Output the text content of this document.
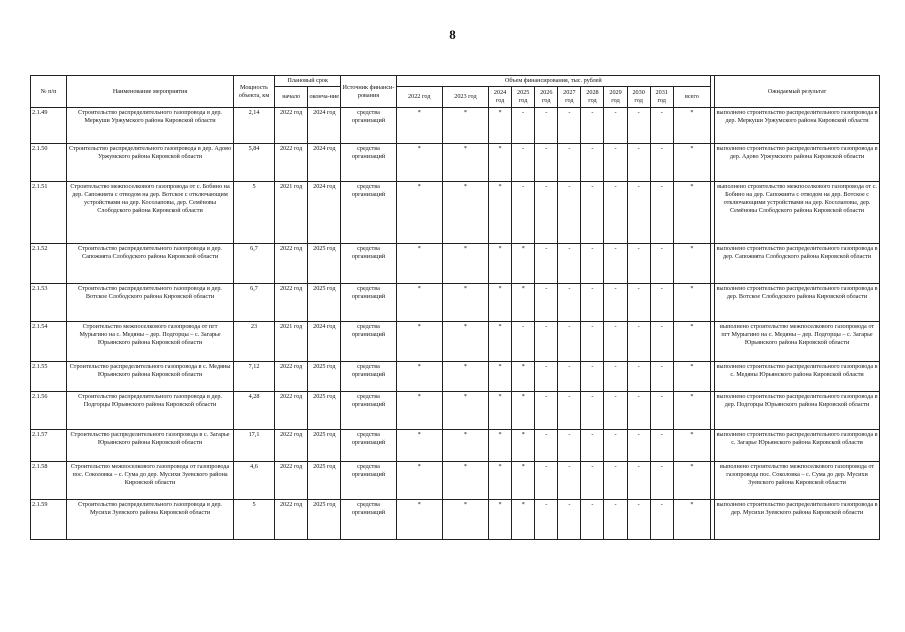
8
№ п/п	Наименование мероприятия	Мощность объекта, км	Плановый срок		Источник финанси-рования	Объем финансирования, тыс. рублей												Ожидаемый результат
			начало	оконча-ние		2022 год	2023 год	2024 год	2025 год	2026 год	2027 год	2028 год	2029 год	2030 год	2031 год	всего		
2.1.49	Строительство распределительного газопровода в дер. Меркуши Уржумского района Кировской области	2,14	2022 год	2024 год	средства организаций	*	*	*	-	-	-	-	-	-	-	*		выполнено строительство распределительного газопровода в дер. Меркуши Уржумского района Кировской области
2.1.50	Строительство распределительного газопровода в дер. Адово Уржумского района Кировской области	5,84	2022 год	2024 год	средства организаций	*	*	*	-	-	-	-	-	-	-	*		выполнено строительство распределительного газопровода в дер. Адово Уржумского района Кировской области
2.1.51	Строительство межпоселкового газопровода от с. Бобино на дер. Сапожията с отводом на дер. Вотское с отключающим устройствами на дер. Косолаповы, дер. Семёновы Слободского района Кировской области	5	2021 год	2024 год	средства организаций	*	*	*	-	-	-	-	-	-	-	*		выполнено строительство межпоселкового газопровода от с. Бобино на дер. Сапожията с отводом на дер. Вотское с отключающими устройствами на дер. Косолаповы, дер. Семёновы Слободского района Кировской области
2.1.52	Строительство распределительного газопровода в дер. Сапожията Слободского района Кировской области	6,7	2022 год	2025 год	средства организаций	*	*	*	*	-	-	-	-	-	-	*		выполнено строительство распределительного газопровода в дер. Сапожията Слободского района Кировской области
2.1.53	Строительство распределительного газопровода в дер. Вотское Слободского района Кировской области	6,7	2022 год	2025 год	средства организаций	*	*	*	*	-	-	-	-	-	-	*		выполнено строительство распределительного газопровода в дер. Вотское Слободского района Кировской области
2.1.54	Строительство межпоселкового газопровода от пгт Мурыгино на с. Медяны – дер. Подгорцы – с. Загарье Юрьянского района Кировской области	23	2021 год	2024 год	средства организаций	*	*	*	-	-	-	-	-	-	-	*		выполнено строительство межпоселкового газопровода от пгт Мурыгино на с. Медяны – дер. Подгорцы – с. Загарье Юрьянского района Кировской области
2.1.55	Строительство распределительного газопровода в с. Медяны Юрьянского района Кировской области	7,12	2022 год	2025 год	средства организаций	*	*	*	*	-	-	-	-	-	-	*		выполнено строительство распределительного газопровода в с. Медяны Юрьянского района Кировской области
2.1.56	Строительство распределительного газопровода в дер. Подгорцы Юрьянского района Кировской области	4,28	2022 год	2025 год	средства организаций	*	*	*	*	-	-	-	-	-	-	*		выполнено строительство распределительного газопровода в дер. Подгорцы Юрьянского района Кировской области
2.1.57	Строительство распределительного газопровода в с. Загарье Юрьянского района Кировской области	17,1	2022 год	2025 год	средства организаций	*	*	*	*	-	-	-	-	-	-	*		выполнено строительство распределительного газопровода в с. Загарье Юрьянского района Кировской области
2.1.58	Строительство межпоселкового газопровода от газопровода пос. Соколовка – с. Сума до дер. Мусихи Зуевского района Кировской области	4,6	2022 год	2025 год	средства организаций	*	*	*	*	-	-	-	-	-	-	*		выполнено строительство межпоселкового газопровода от газопровода пос. Соколовка – с. Сума до дер. Мусихи Зуевского района Кировской области
2.1.59	Строительство распределительного газопровода в дер. Мусихи Зуевского района Кировской области	5	2022 год	2025 год	средства организаций	*	*	*	*	-	-	-	-	-	-	*		выполнено строительство распределительного газопровода в дер. Мусихи Зуевского района Кировской области
